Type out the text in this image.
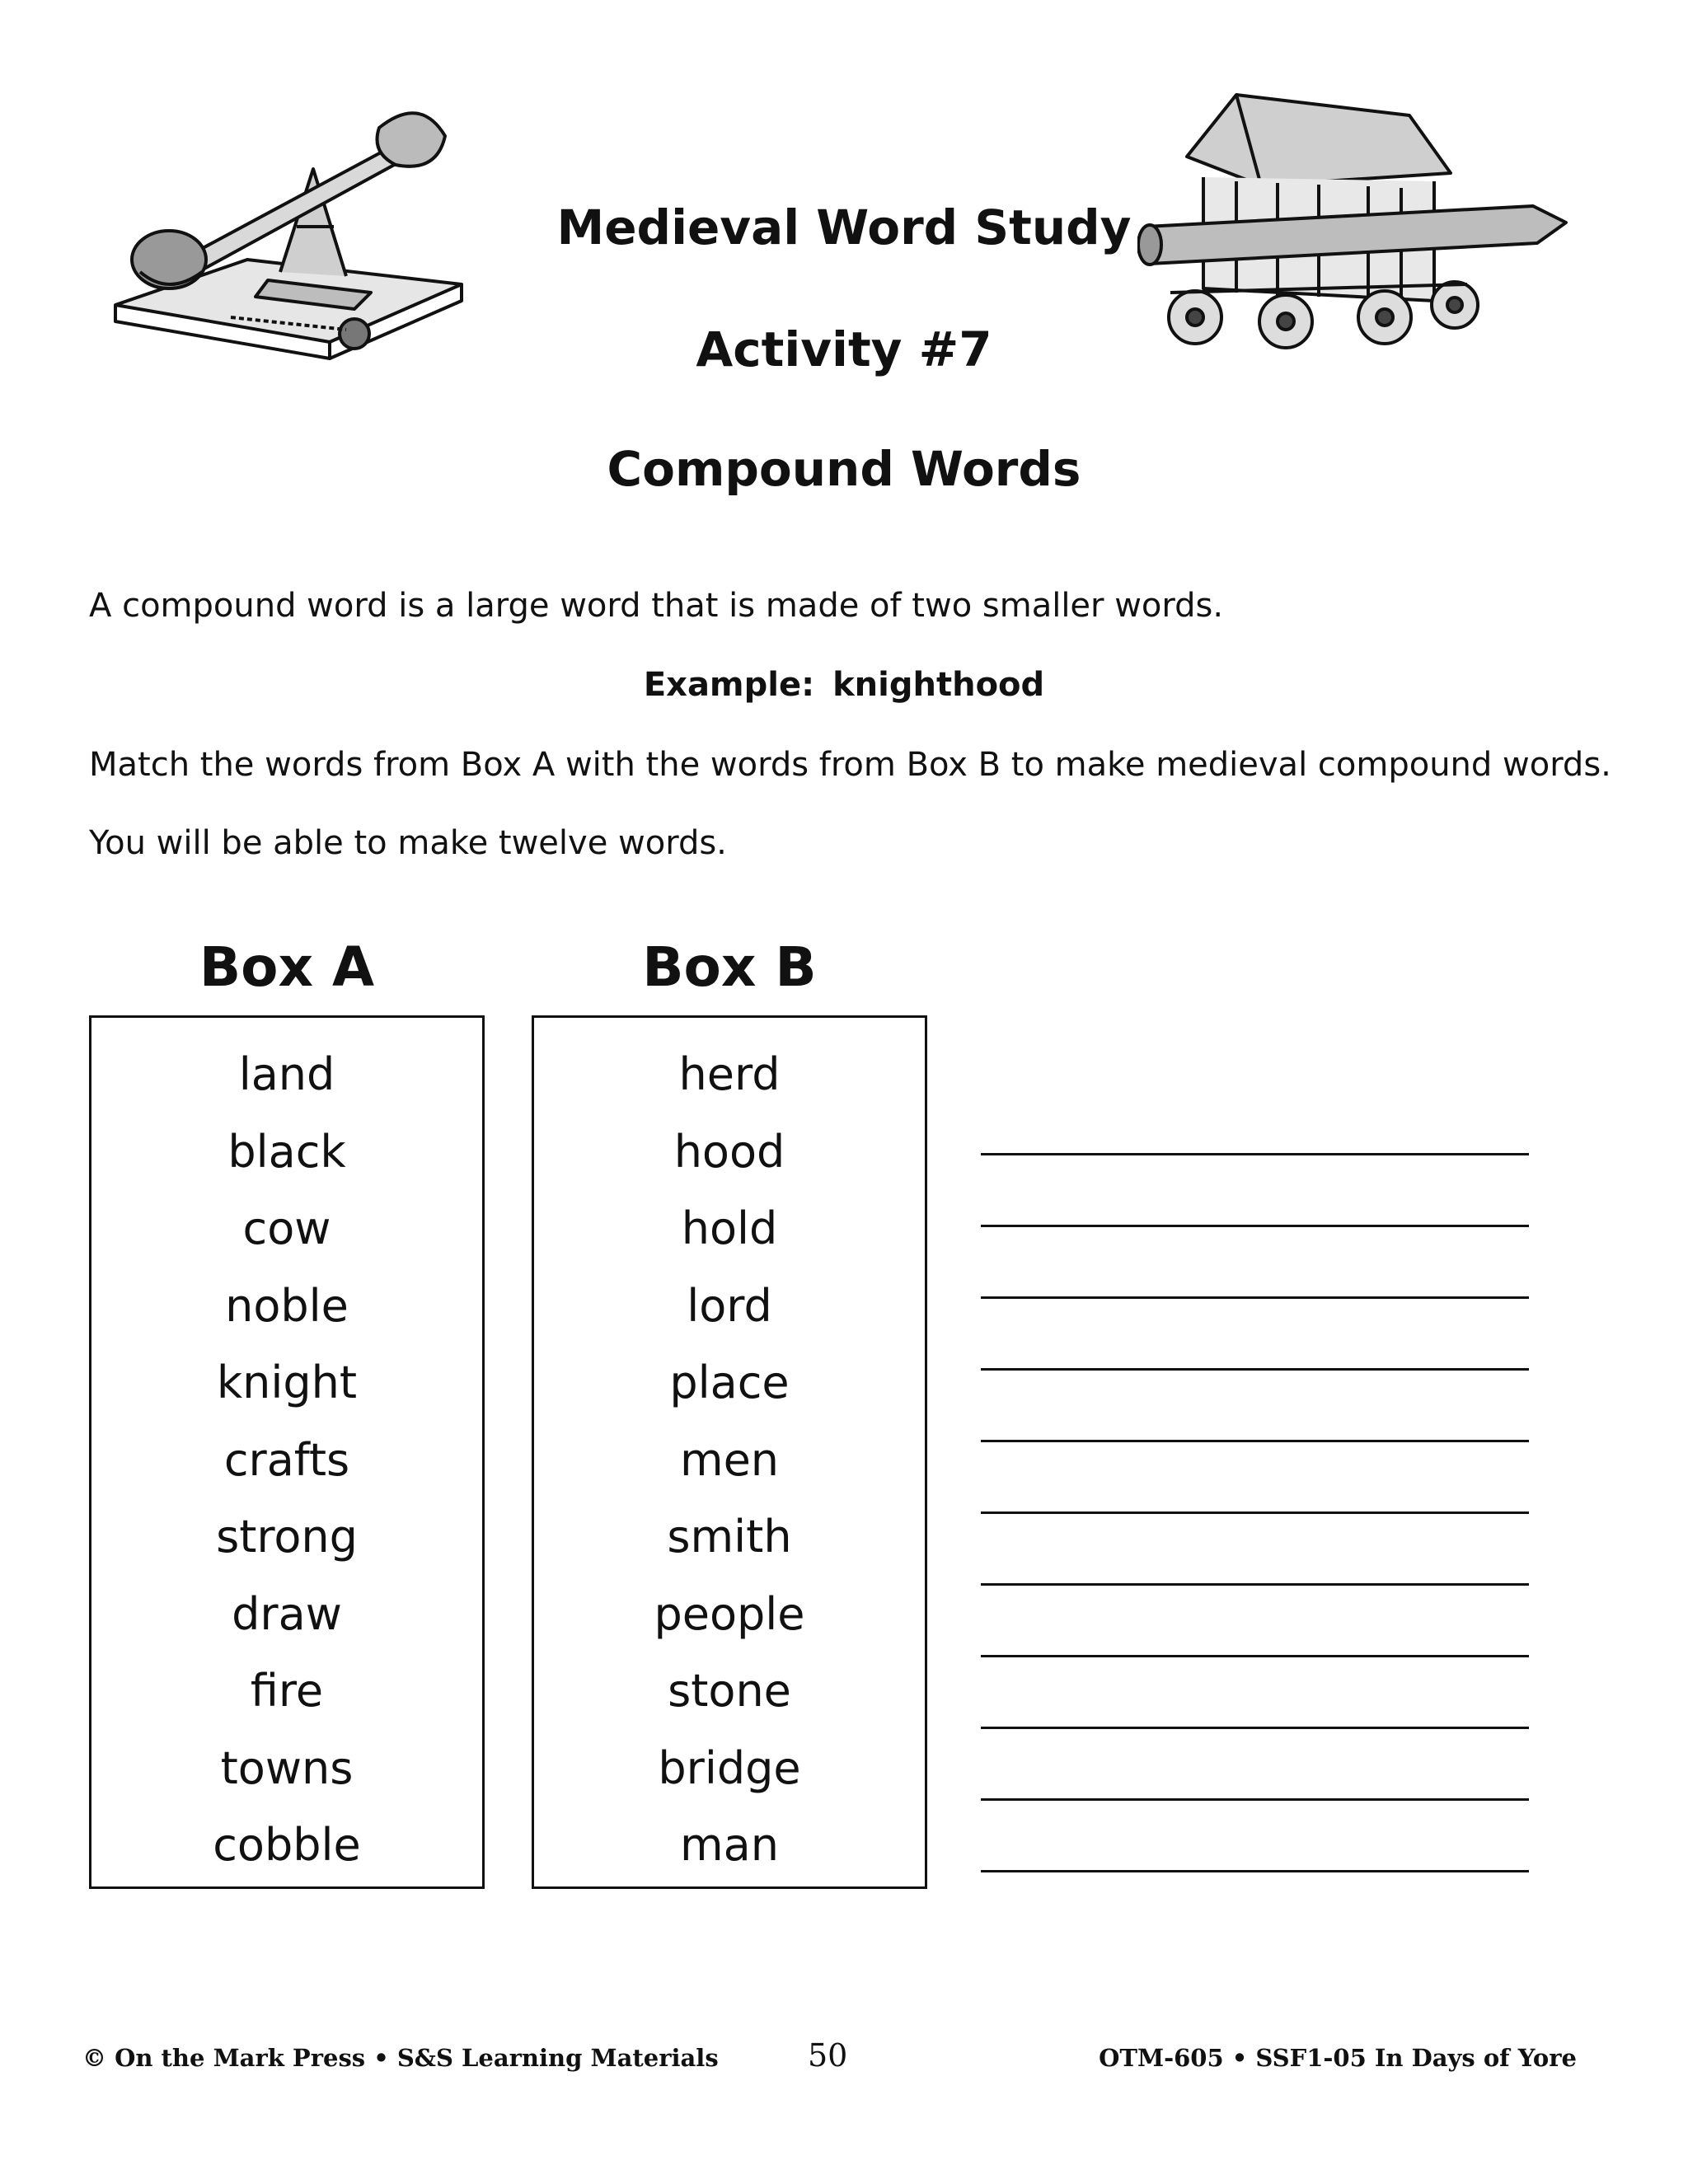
Medieval Word Study
Activity #7
Compound Words
A compound word is a large word that is made of two smaller words.
Example: knighthood
Match the words from Box A with the words from Box B to make medieval compound words.
You will be able to make twelve words.
Box A	Box B
land
black
cow
noble
knight
crafts
strong
draw
fire
towns
cobble
herd
hood
hold
lord
place
men
smith
people
stone
bridge
man
© On the Mark Press • S&S Learning Materials	50	OTM-605 • SSF1-05 In Days of Yore
